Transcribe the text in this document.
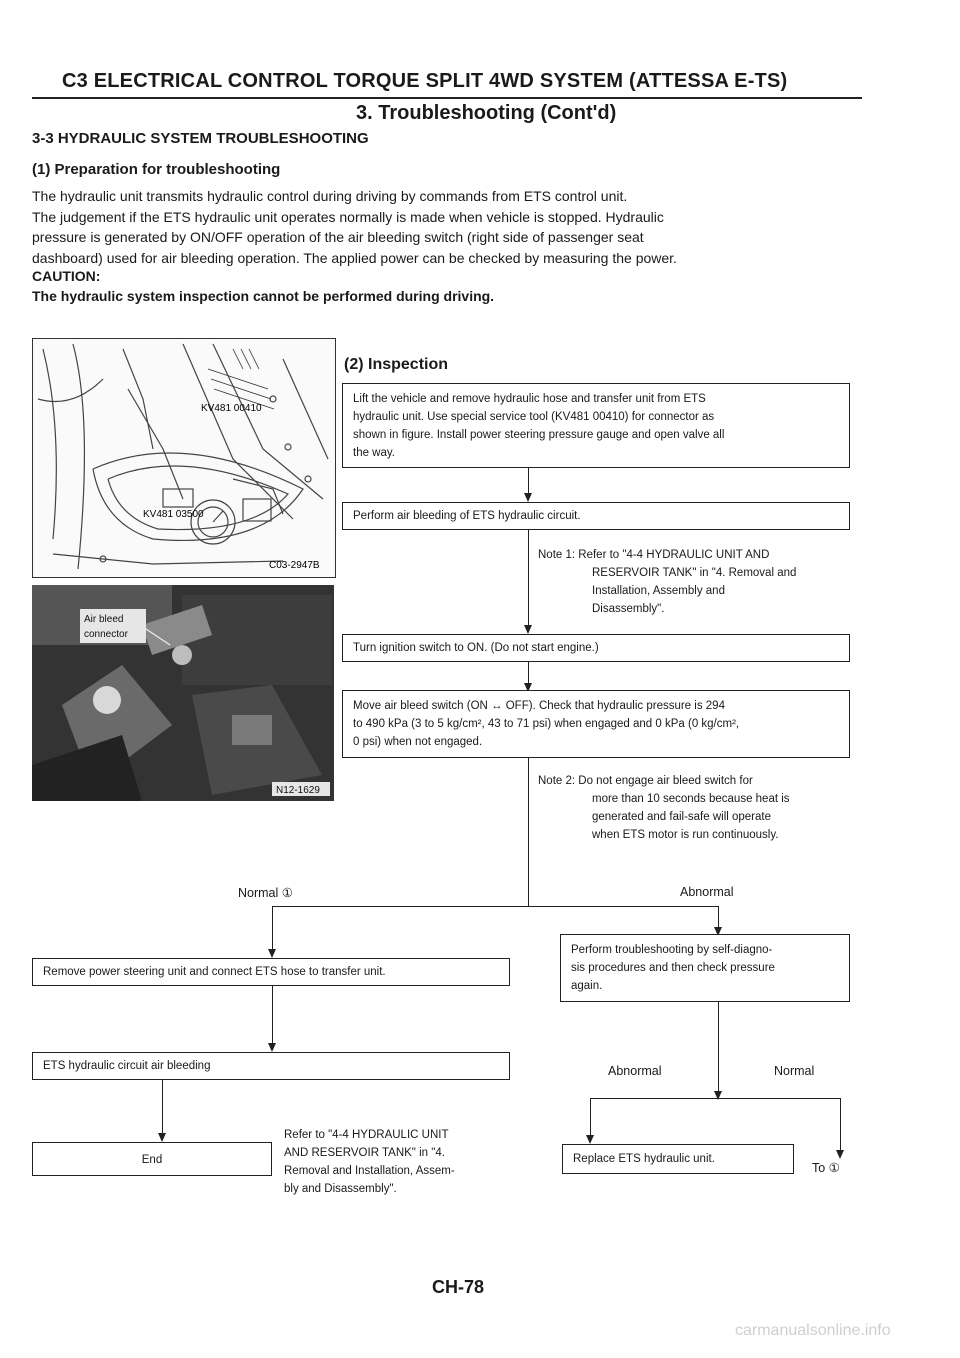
C3 ELECTRICAL CONTROL TORQUE SPLIT 4WD SYSTEM (ATTESSA E-TS)
3. Troubleshooting (Cont'd)
3-3 HYDRAULIC SYSTEM TROUBLESHOOTING
(1) Preparation for troubleshooting
The hydraulic unit transmits hydraulic control during driving by commands from ETS control unit.
The judgement if the ETS hydraulic unit operates normally is made when vehicle is stopped. Hydraulic
pressure is generated by ON/OFF operation of the air bleeding switch (right side of passenger seat
dashboard) used for air bleeding operation. The applied power can be checked by measuring the power.
CAUTION:
The hydraulic system inspection cannot be performed during driving.
KV481 00410
KV481 03500
C03-2947B
Air bleed
connector
N12-1629
(2) Inspection
Lift the vehicle and remove hydraulic hose and transfer unit from ETS
hydraulic unit. Use special service tool (KV481 00410) for connector as
shown in figure. Install power steering pressure gauge and open valve all
the way.
Perform air bleeding of ETS hydraulic circuit.
Note 1: Refer to "4-4 HYDRAULIC UNIT AND
RESERVOIR TANK" in "4. Removal and
Installation, Assembly and
Disassembly".
Turn ignition switch to ON. (Do not start engine.)
Move air bleed switch (ON ↔ OFF). Check that hydraulic pressure is 294
to 490 kPa (3 to 5 kg/cm², 43 to 71 psi) when engaged and 0 kPa (0 kg/cm²,
0 psi) when not engaged.
Note 2: Do not engage air bleed switch for
more than 10 seconds because heat is
generated and fail-safe will operate
when ETS motor is run continuously.
Normal ①	Abnormal
Remove power steering unit and connect ETS hose to transfer unit.
Perform troubleshooting by self-diagno-
sis procedures and then check pressure
again.
ETS hydraulic circuit air bleeding	Abnormal	Normal
End
Refer to "4-4 HYDRAULIC UNIT
AND RESERVOIR TANK" in "4.
Removal and Installation, Assem-
bly and Disassembly".
Replace ETS hydraulic unit.
To ①
CH-78
carmanualsonline.info
